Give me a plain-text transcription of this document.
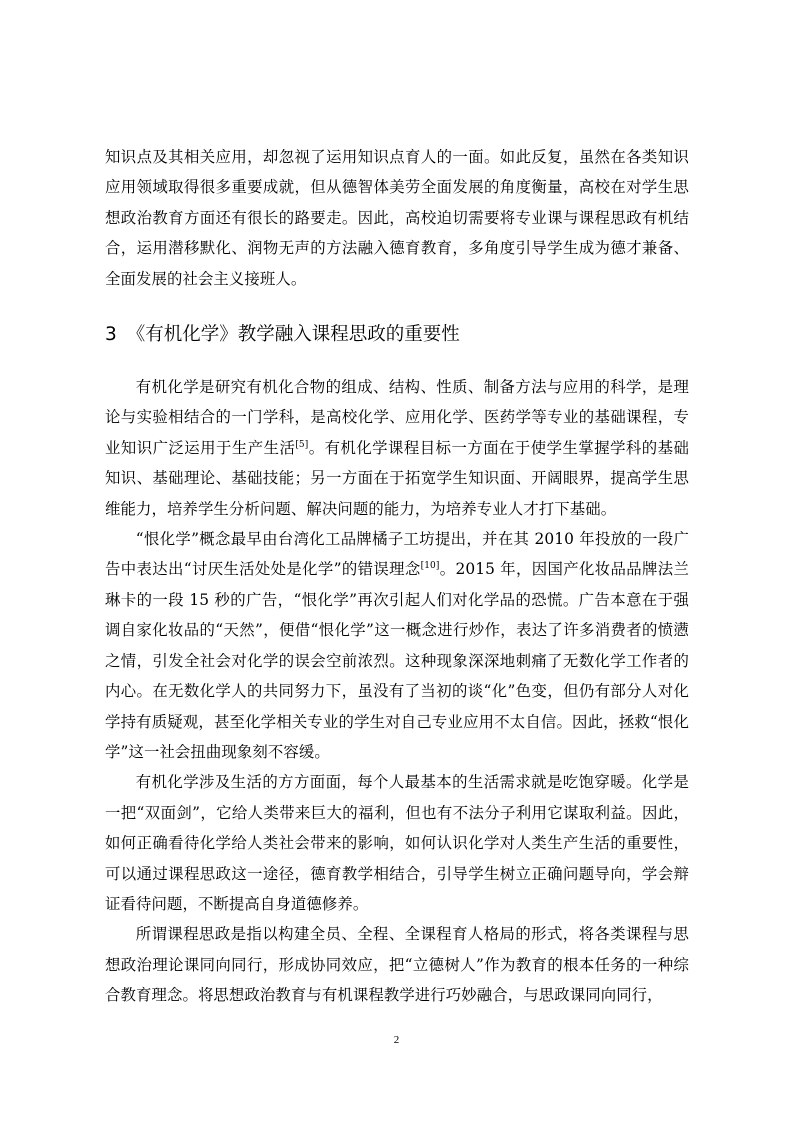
知识点及其相关应用，却忽视了运用知识点育人的一面。如此反复，虽然在各类知识应用领域取得很多重要成就，但从德智体美劳全面发展的角度衡量，高校在对学生思想政治教育方面还有很长的路要走。因此，高校迫切需要将专业课与课程思政有机结合，运用潜移默化、润物无声的方法融入德育教育，多角度引导学生成为德才兼备、全面发展的社会主义接班人。

3 《有机化学》教学融入课程思政的重要性

有机化学是研究有机化合物的组成、结构、性质、制备方法与应用的科学，是理论与实验相结合的一门学科，是高校化学、应用化学、医药学等专业的基础课程，专业知识广泛运用于生产生活[5]。有机化学课程目标一方面在于使学生掌握学科的基础知识、基础理论、基础技能；另一方面在于拓宽学生知识面、开阔眼界，提高学生思维能力，培养学生分析问题、解决问题的能力，为培养专业人才打下基础。

“恨化学”概念最早由台湾化工品牌橘子工坊提出，并在其 2010 年投放的一段广告中表达出“讨厌生活处处是化学”的错误理念[10]。2015 年，因国产化妆品品牌法兰琳卡的一段 15 秒的广告，“恨化学”再次引起人们对化学品的恐慌。广告本意在于强调自家化妆品的“天然”，便借“恨化学”这一概念进行炒作，表达了许多消费者的愤懑之情，引发全社会对化学的误会空前浓烈。这种现象深深地刺痛了无数化学工作者的内心。在无数化学人的共同努力下，虽没有了当初的谈“化”色变，但仍有部分人对化学持有质疑观，甚至化学相关专业的学生对自己专业应用不太自信。因此，拯救“恨化学”这一社会扭曲现象刻不容缓。

有机化学涉及生活的方方面面，每个人最基本的生活需求就是吃饱穿暖。化学是一把“双面剑”，它给人类带来巨大的福利，但也有不法分子利用它谋取利益。因此，如何正确看待化学给人类社会带来的影响，如何认识化学对人类生产生活的重要性，可以通过课程思政这一途径，德育教学相结合，引导学生树立正确问题导向，学会辩证看待问题，不断提高自身道德修养。

所谓课程思政是指以构建全员、全程、全课程育人格局的形式，将各类课程与思想政治理论课同向同行，形成协同效应，把“立德树人”作为教育的根本任务的一种综合教育理念。将思想政治教育与有机课程教学进行巧妙融合，与思政课同向同行，

2
